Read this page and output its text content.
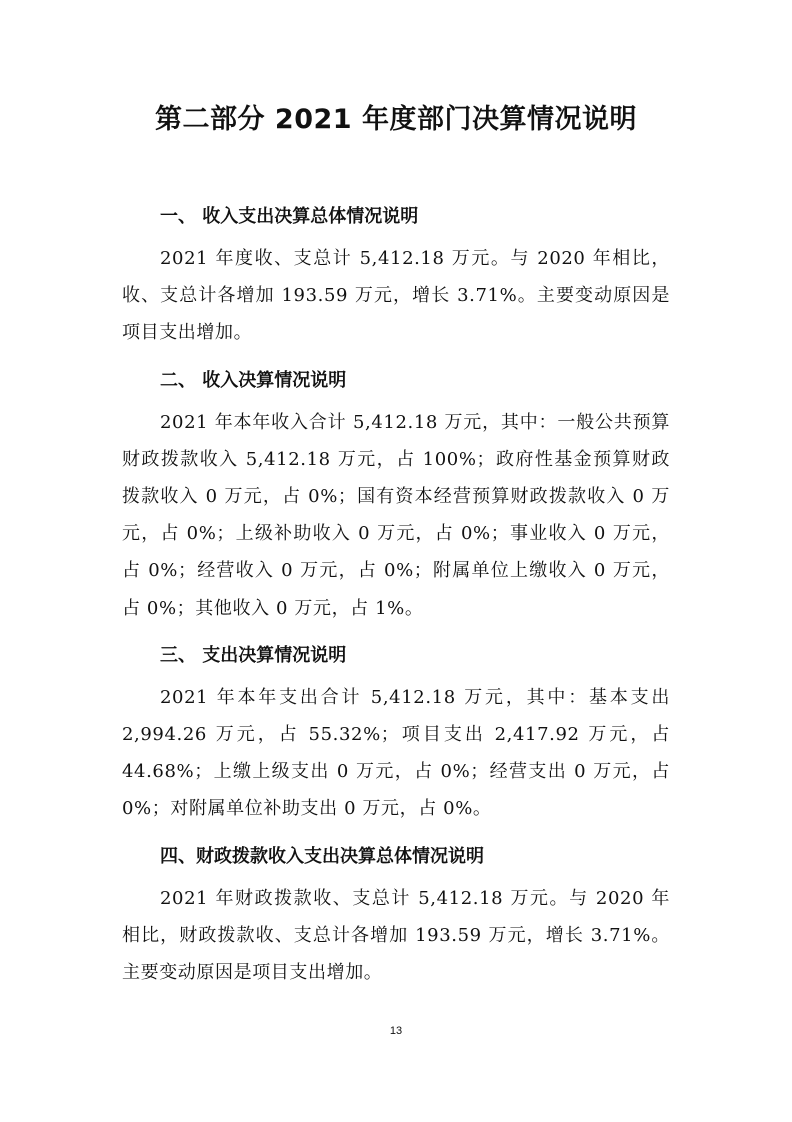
第二部分 2021 年度部门决算情况说明
一、 收入支出决算总体情况说明

2021 年度收、支总计 5,412.18 万元。与 2020 年相比，收、支总计各增加 193.59 万元，增长 3.71%。主要变动原因是项目支出增加。

二、 收入决算情况说明

2021 年本年收入合计 5,412.18 万元，其中：一般公共预算财政拨款收入 5,412.18 万元，占 100%；政府性基金预算财政拨款收入 0 万元，占 0%；国有资本经营预算财政拨款收入 0 万元，占 0%；上级补助收入 0 万元，占 0%；事业收入 0 万元，占 0%；经营收入 0 万元，占 0%；附属单位上缴收入 0 万元，占 0%；其他收入 0 万元，占 1%。

三、 支出决算情况说明

2021 年本年支出合计 5,412.18 万元，其中：基本支出 2,994.26 万元，占 55.32%；项目支出 2,417.92 万元，占 44.68%；上缴上级支出 0 万元，占 0%；经营支出 0 万元，占 0%；对附属单位补助支出 0 万元，占 0%。

四、财政拨款收入支出决算总体情况说明

2021 年财政拨款收、支总计 5,412.18 万元。与 2020 年相比，财政拨款收、支总计各增加 193.59 万元，增长 3.71%。主要变动原因是项目支出增加。

13
